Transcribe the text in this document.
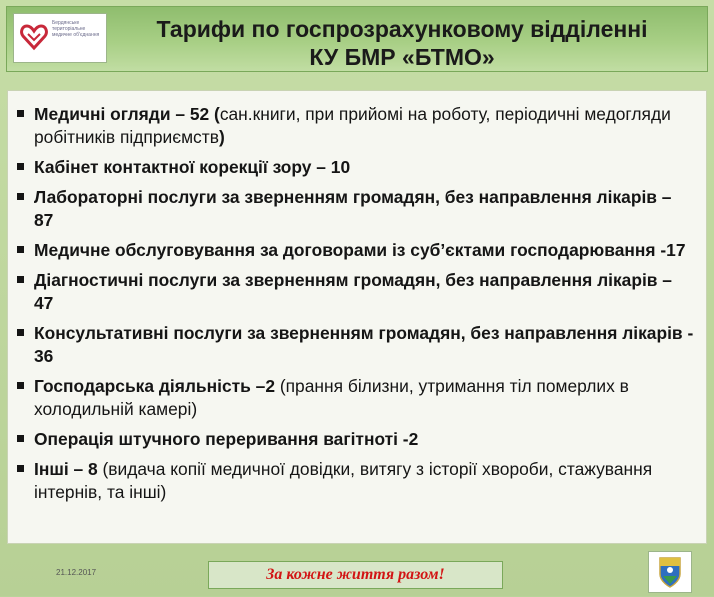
Бердянське територіальне медичне об'єднання	Тарифи по госпрозрахунковому відділенні
КУ БМР «БТМО»
Медичні огляди – 52 (сан.книги, при прийомі на роботу, періодичні медогляди робітників підприємств)
Кабінет контактної корекції зору – 10
Лабораторні послуги за зверненням громадян, без направлення лікарів – 87
Медичне обслуговування за договорами із суб’єктами господарювання -17
Діагностичні послуги за зверненням громадян, без направлення лікарів – 47
Консультативні послуги за зверненням громадян, без направлення лікарів - 36
Господарська діяльність –2 (прання білизни, утримання тіл померлих в холодильній камері)
Операція штучного переривання вагітноті -2
Інші – 8 (видача копії медичної довідки, витягу з історії хвороби, стажування інтернів, та інші)
21.12.2017	За кожне життя разом!
